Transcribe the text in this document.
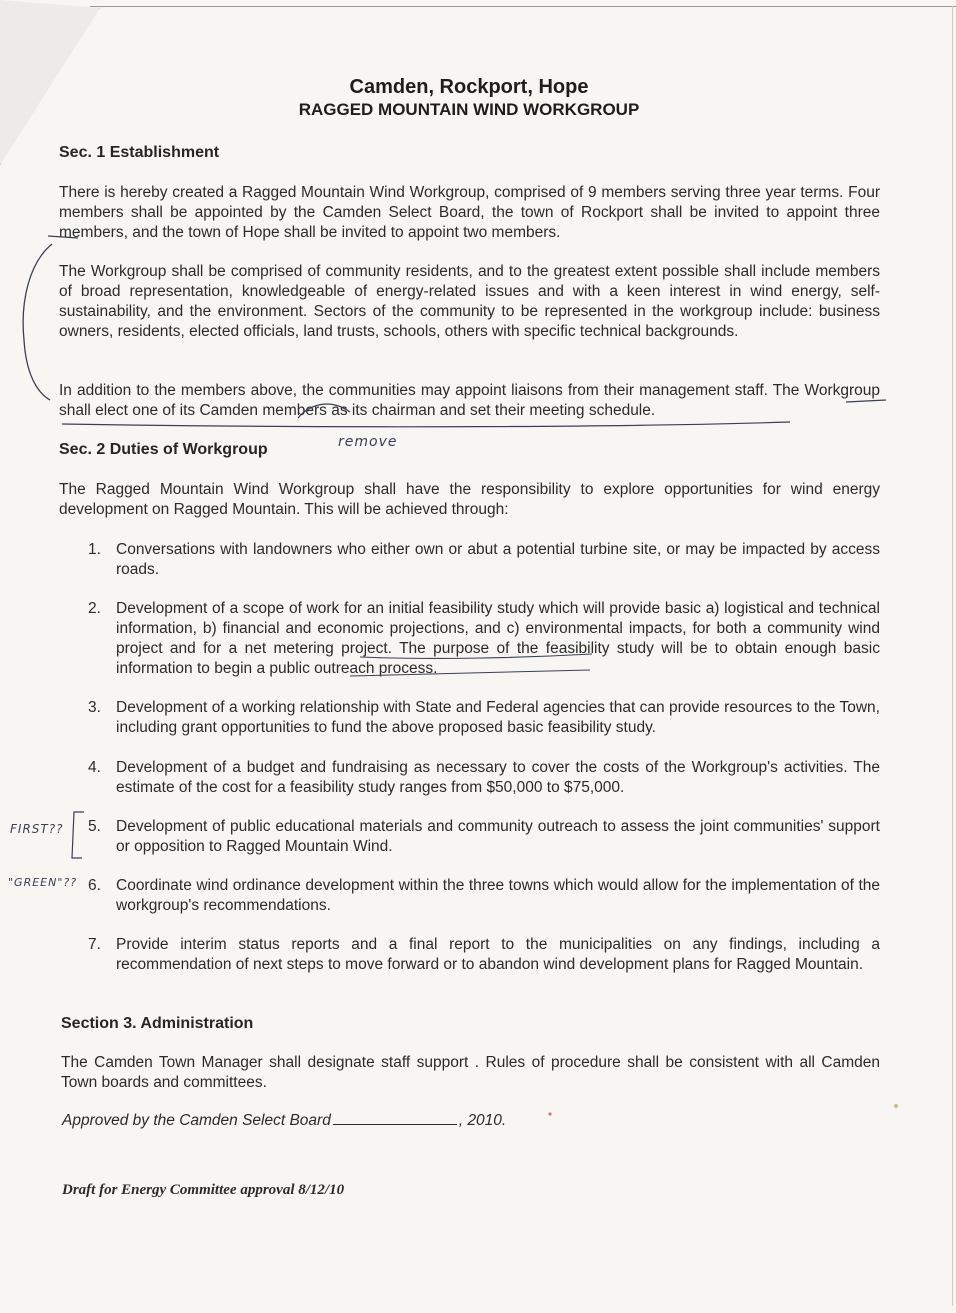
Camden, Rockport, Hope
RAGGED MOUNTAIN WIND WORKGROUP
Sec. 1 Establishment
There is hereby created a Ragged Mountain Wind Workgroup, comprised of 9 members serving three year terms. Four members shall be appointed by the Camden Select Board, the town of Rockport shall be invited to appoint three members, and the town of Hope shall be invited to appoint two members.
The Workgroup shall be comprised of community residents, and to the greatest extent possible shall include members of broad representation, knowledgeable of energy-related issues and with a keen interest in wind energy, self-sustainability, and the environment. Sectors of the community to be represented in the workgroup include: business owners, residents, elected officials, land trusts, schools, others with specific technical backgrounds.
In addition to the members above, the communities may appoint liaisons from their management staff. The Workgroup shall elect one of its Camden members as its chairman and set their meeting schedule.
Sec. 2 Duties of Workgroup
The Ragged Mountain Wind Workgroup shall have the responsibility to explore opportunities for wind energy development on Ragged Mountain. This will be achieved through:
1. Conversations with landowners who either own or abut a potential turbine site, or may be impacted by access roads.
2. Development of a scope of work for an initial feasibility study which will provide basic a) logistical and technical information, b) financial and economic projections, and c) environmental impacts, for both a community wind project and for a net metering project. The purpose of the feasibility study will be to obtain enough basic information to begin a public outreach process.
3. Development of a working relationship with State and Federal agencies that can provide resources to the Town, including grant opportunities to fund the above proposed basic feasibility study.
4. Development of a budget and fundraising as necessary to cover the costs of the Workgroup's activities. The estimate of the cost for a feasibility study ranges from $50,000 to $75,000.
5. Development of public educational materials and community outreach to assess the joint communities' support or opposition to Ragged Mountain Wind.
6. Coordinate wind ordinance development within the three towns which would allow for the implementation of the workgroup's recommendations.
7. Provide interim status reports and a final report to the municipalities on any findings, including a recommendation of next steps to move forward or to abandon wind development plans for Ragged Mountain.
Section 3. Administration
The Camden Town Manager shall designate staff support . Rules of procedure shall be consistent with all Camden Town boards and committees.
Approved by the Camden Select Board	, 2010.
Draft for Energy Committee approval 8/12/10
remove
FIRST??
"GREEN"??
